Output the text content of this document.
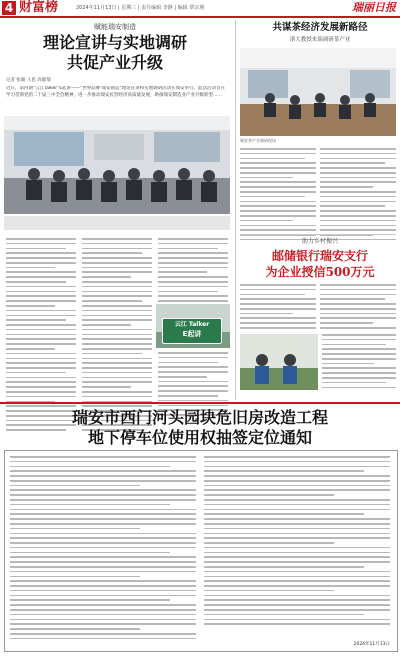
4 财富榜	2024年11月13日 | 星期三 | 责任编辑 李静 | 编辑 覃宗瑾	瑞丽日报
赋能瑞安制造
理论宣讲与实地调研
共促产业升级
记者 张颖 王思 高敏瑞
近日，第四期"云江Talker"E起讲——"世界品牌·瑞安制造"理论宣讲和实地调研活动在瑞安举行。此次活动旨在学习贯彻党的二十届三中全会精神，进一步推动瑞安民营经济高质量发展，助推瑞安制造业产业升级转型……
云江 Talker
E起讲
共谋茶经济发展新路径
浙大教授来瑞调研茶产业
瑞安茶产业调研现场
助力乡村振兴
邮储银行瑞安支行
为企业授信500万元
瑞安市西门河头园块危旧房改造工程
地下停车位使用权抽签定位通知
2024年11月13日
